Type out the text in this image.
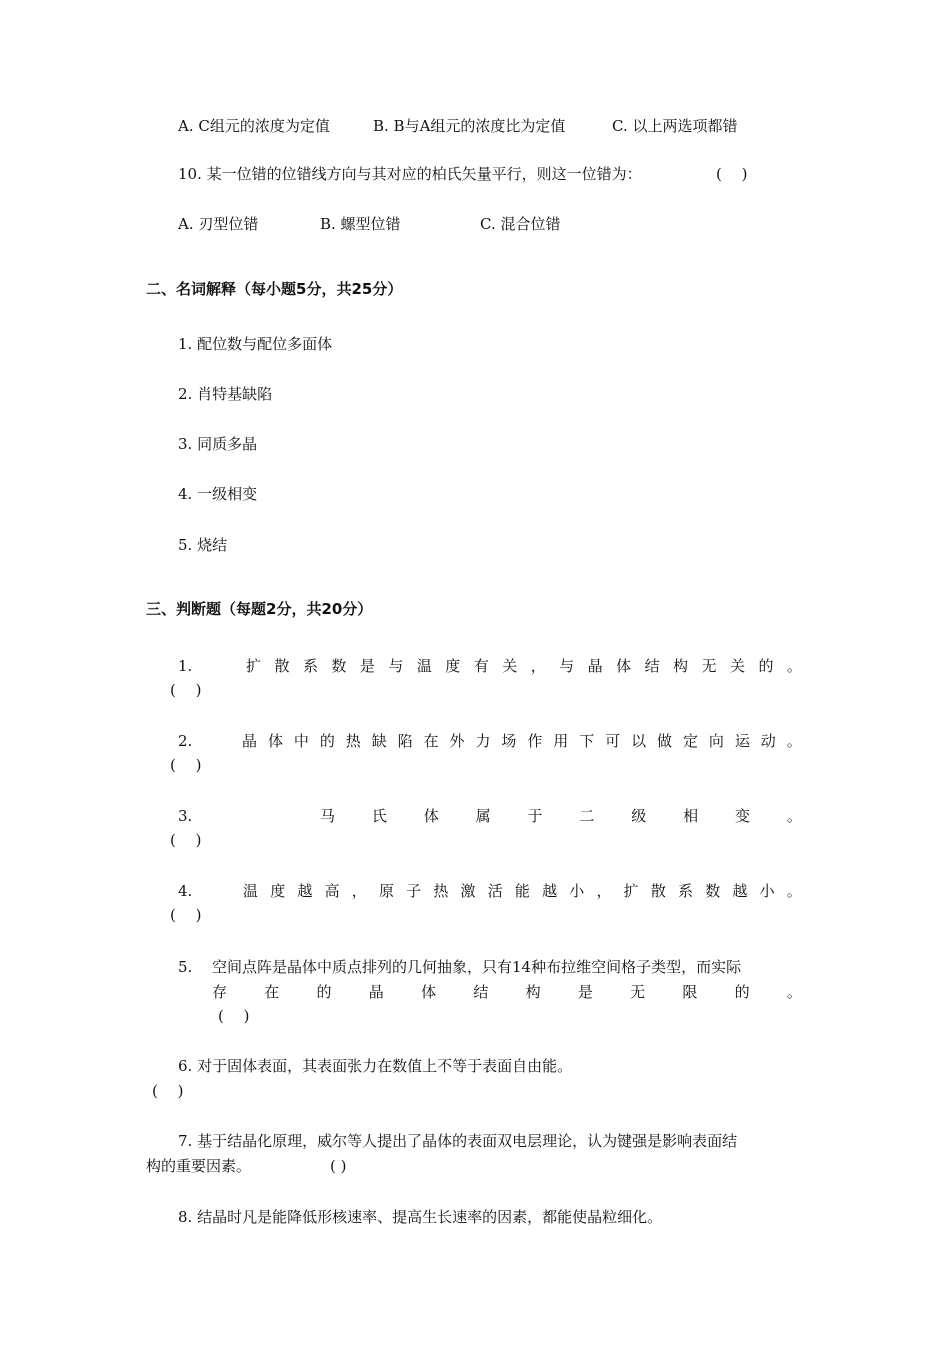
A. C组元的浓度为定值	B. B与A组元的浓度比为定值	C. 以上两选项都错
10. 某一位错的位错线方向与其对应的柏氏矢量平行，则这一位错为：	(　 )
A. 刃型位错	B. 螺型位错	C. 混合位错
二、名词解释（每小题5分，共25分）
1. 配位数与配位多面体
2. 肖特基缺陷
3. 同质多晶
4. 一级相变
5. 烧结
三、判断题（每题2分，共20分）
1.	扩 散 系 数 是 与 温 度 有 关 ， 与 晶 体 结 构 无 关 的 。
(　 )
2.	晶 体 中 的 热 缺 陷 在 外 力 场 作 用 下 可 以 做 定 向 运 动 。
(　 )
3.	马 氏 体 属 于 二 级 相 变 。
(　 )
4.	温 度 越 高 ， 原 子 热 激 活 能 越 小 ， 扩 散 系 数 越 小 。
(　 )
5. 空间点阵是晶体中质点排列的几何抽象，只有14种布拉维空间格子类型，而实际
存 在 的 晶 体 结 构 是 无 限 的 。
(　 )
6. 对于固体表面，其表面张力在数值上不等于表面自由能。
(　 )
7. 基于结晶化原理，威尔等人提出了晶体的表面双电层理论，认为键强是影响表面结
构的重要因素。	( )
8. 结晶时凡是能降低形核速率、提高生长速率的因素，都能使晶粒细化。
